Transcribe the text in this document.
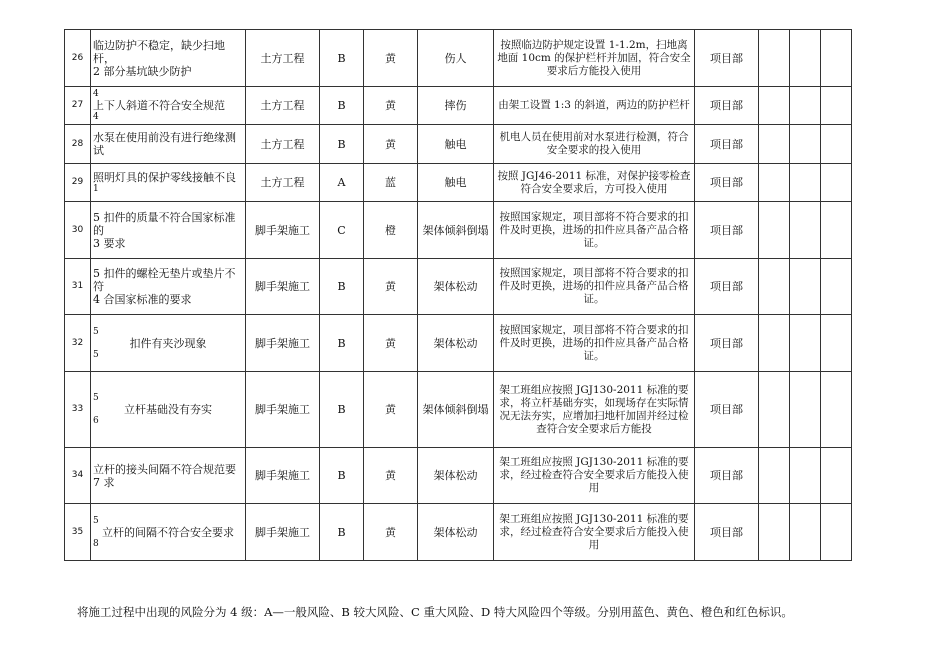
26	临边防护不稳定，缺少扫地杆，
2 部分基坑缺少防护	土方工程	B	黄	伤人	按照临边防护规定设置 1-1.2m，扫地离地面 10cm 的保护栏杆并加固，符合安全要求后方能投入使用	项目部			
27	4
上下人斜道不符合安全规范
4	土方工程	B	黄	摔伤	由架工设置 1:3 的斜道，两边的防护栏杆	项目部			
28	水泵在使用前没有进行绝缘测
试	土方工程	B	黄	触电	机电人员在使用前对水泵进行检测，符合安全要求的投入使用	项目部			
29	照明灯具的保护零线接触不良
1	土方工程	A	蓝	触电	按照 JGJ46-2011 标准，对保护接零检查符合安全要求后，方可投入使用	项目部			
30	5 扣件的质量不符合国家标准的
3 要求	脚手架施工	C	橙	架体倾斜倒塌	按照国家规定，项目部将不符合要求的扣件及时更换，进场的扣件应具备产品合格证。	项目部			
31	5 扣件的螺栓无垫片或垫片不符
4 合国家标准的要求	脚手架施工	B	黄	架体松动	按照国家规定，项目部将不符合要求的扣件及时更换，进场的扣件应具备产品合格证。	项目部			
32	5
扣件有夹沙现象
5	脚手架施工	B	黄	架体松动	按照国家规定，项目部将不符合要求的扣件及时更换，进场的扣件应具备产品合格证。	项目部			
33	5
立杆基础没有夯实
6	脚手架施工	B	黄	架体倾斜倒塌	架工班组应按照 JGJ130-2011 标准的要求，将立杆基础夯实，如现场存在实际情况无法夯实，应增加扫地杆加固并经过检查符合安全要求后方能投	项目部			
34	立杆的接头间隔不符合规范要
7 求	脚手架施工	B	黄	架体松动	架工班组应按照 JGJ130-2011 标准的要求，经过检查符合安全要求后方能投入使用	项目部			
35	5
立杆的间隔不符合安全要求
8	脚手架施工	B	黄	架体松动	架工班组应按照 JGJ130-2011 标准的要求，经过检查符合安全要求后方能投入使用	项目部			
将施工过程中出现的风险分为 4 级：A—一般风险、B 较大风险、C 重大风险、D 特大风险四个等级。分别用蓝色、黄色、橙色和红色标识。
